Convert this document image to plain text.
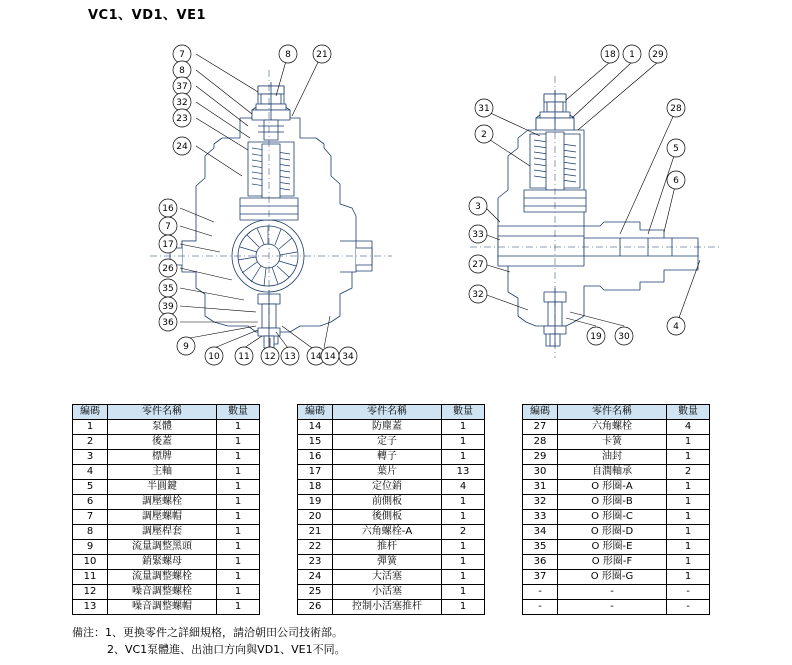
VC1、VD1、VE1
7
8
37
32
23
24
16
7
17
26
35
39
36
9
10 11 12 13 14 34
8	21
14
18 1 29
31
2
28
5
6
3
33
27
32
19 30
4
編碼	零件名稱	數量
1	泵體	1
2	後蓋	1
3	標牌	1
4	主軸	1
5	半圓鍵	1
6	調壓螺栓	1
7	調壓螺帽	1
8	調壓桿套	1
9	流量調整黑頭	1
10	銷緊螺母	1
11	流量調整螺栓	1
12	噪音調整螺栓	1
13	噪音調整螺帽	1
編碼	零件名稱	數量
14	防塵蓋	1
15	定子	1
16	轉子	1
17	葉片	13
18	定位銷	4
19	前側板	1
20	後側板	1
21	六角螺栓-A	2
22	推杆	1
23	彈簧	1
24	大活塞	1
25	小活塞	1
26	控制小活塞推杆	1
編碼	零件名稱	數量
27	六角螺栓	4
28	卡簧	1
29	油封	1
30	自潤軸承	2
31	O 形圈-A	1
32	O 形圈-B	1
33	O 形圈-C	1
34	O 形圈-D	1
35	O 形圈-E	1
36	O 形圈-F	1
37	O 形圈-G	1
-	-	-
-	-	-
備注：1、更換零件之詳細規格，請洽朝田公司技術部。
2、VC1泵體進、出油口方向與VD1、VE1不同。
